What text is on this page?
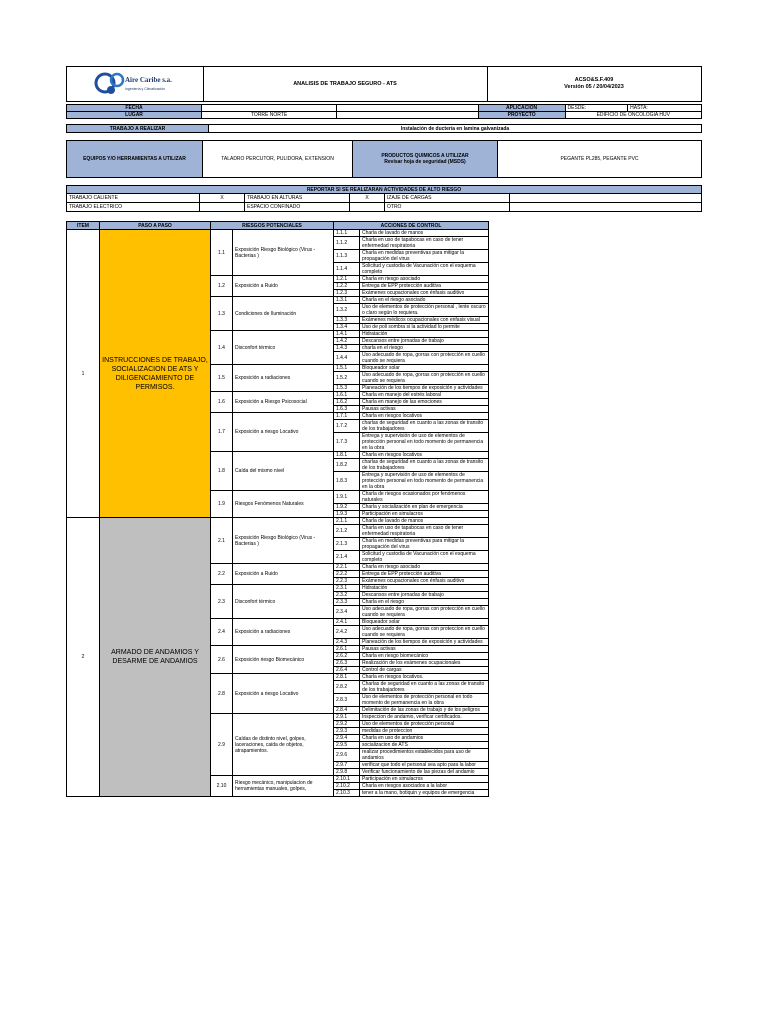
Aire Caribe s.a.
Ingeniería y Climatización
ANALISIS DE TRABAJO SEGURO - ATS
ACSO&S.F.409
Versión 05 / 20/04/2023
FECHA			APLICACIÓN	DESDE:	HASTA:
LUGAR	TORRE NORTE		PROYECTO	EDIFICIO DE ONCOLOGIA HUV	
TRABAJO A REALIZAR	Instalación de ductería en lamina galvanizada
EQUIPOS Y/O HERRAMIENTAS A UTILIZAR	TALADRO PERCUTOR, PULIDORA, EXTENSION	PRODUCTOS QUIMICOS A UTILIZAR
Revisar hoja de seguridad (MSDS)	PEGANTE PL285, PEGANTE PVC
REPORTAR SI SE REALIZARAN ACTIVIDADES DE ALTO RIESGO					
TRABAJO CALIENTE	X	TRABAJO EN ALTURAS	X	IZAJE DE CARGAS	
TRABAJO ELECTRICO		ESPACIO CONFINADO		OTRO	
ITEM	PASO A PASO	RIESGOS POTENCIALES		ACCIONES DE CONTROL	
1	INSTRUCCIONES DE TRABAJO, SOCIALIZACION DE ATS Y DILIGENCIAMIENTO DE PERMISOS.	1.1	Exposición Riesgo Biológico (Virus - Bacterias )	1.1.1	Charla de lavado de manos
				1.1.2	Charla en uso de tapabocas en caso de tener enfermedad respiratoria
				1.1.3	Charla en medidas preventivas para mitigar la propagación del virus
				1.1.4	Solicitud y custodia de Vacunación con el esquema completo
		1.2	Exposición a Ruido	1.2.1	Charla en riesgo asociado
				1.2.2	Entrega de EPP protección auditiva
				1.2.3	Exámenes ocupacionales con énfasis auditivo
		1.3	Condiciones de Iluminación	1.3.1	Charla en el riesgo asociado
				1.3.2	Uso de elementos de protección personal , lente oscuro o claro según lo requiera.
				1.3.3	Exámenes médicos ocupacionales con enfasis visual
				1.3.4	Uso de poli sombra si la actividad lo permite
		1.4	Disconfort térmico	1.4.1	Hidratación
				1.4.2	Descansos entre jornadas de trabajo
				1.4.3	charla en el riesgo
				1.4.4	Uso adecuado de ropa, gorras con protección en cuello cuando se requiera
		1.5	Exposición a radiaciones	1.5.1	Bloqueador solar
				1.5.2	Uso adecuado de ropa, gorras con protección en cuello cuando se requiera
				1.5.3	Planeación de los tiempos de exposición y actividades
		1.6	Exposición a Riesgo Psicosocial	1.6.1	Charla en manejo del estrés laboral
				1.6.2	Charla en manejo de las emociones
				1.6.3	Pausas activas
		1.7	Exposición a riesgo Locativo	1.7.1	Charla en riesgos locativos
				1.7.2	charlas de seguridad en cuanto a las zonas de transito de los trabajadores
				1.7.3	Entrega y supervisión de uso de elementos de protección personal en todo momento de permanencia en la obra
		1.8	Caída del mismo nivel	1.8.1	Charla en riesgos locativos
				1.8.2	charlas de seguridad en cuanto a las zonas de transito de los trabajadores
				1.8.3	Entrega y supervisión de uso de elementos de protección personal en todo momento de permanencia en la obra
		1.9	Riesgos Fenómenos Naturales	1.9.1	Charla de riesgos ocasionados por fenómenos naturales
				1.9.2	Charla y socialización en plan de emergencia
				1.9.3	Participación en simulacros
2	ARMADO DE ANDAMIOS Y DESARME DE ANDAMIOS	2.1	Exposición Riesgo Biológico (Virus - Bacterias )	2.1.1	Charla de lavado de manos
				2.1.2	Charla en uso de tapabocas en caso de tener enfermedad respiratoria
				2.1.3	Charla en medidas preventivas para mitigar la propagación del virus
				2.1.4	Solicitud y custodia de Vacunación con el esquema completo
		2.2	Exposición a Ruido	2.2.1	Charla en riesgo asociado
				2.2.2	Entrega de EPP protección auditiva
				2.2.3	Exámenes ocupacionales con énfasis auditivo
		2.3	Disconfort térmico	2.3.1	Hidratación
				2.3.2	Descansos entre jornadas de trabajo
				2.3.3	Charla en el riesgo
				2.3.4	Uso adecuado de ropa, gorras con protección en cuello cuando se requiera
		2.4	Exposición a radiaciones	2.4.1	Bloqueador solar
				2.4.2	Uso adecuado de ropa, gorras con proteccion en cuello cuando se requiera
				2.4.3	Planeación de los tiempos de exposición y actividades
		2.6	Exposición riesgo Biomecánico	2.6.1	Pausas activas
				2.6.2	Charla en riesgo biomecánico
				2.6.3	Realización de los exámenes ocupacionales
				2.6.4	Control de cargas
		2.8	Exposición a riesgo Locativo	2.8.1	Charla en riesgos locativos.
				2.8.2	Charlas de seguridad en cuanto a las zonas de transito de los trabajadores
				2.8.3	Uso de elementos de protección personal en todo momento de permanencia en la obra
				2.8.4	Delimitación de las zonas de trabajo y de los peligros
		2.9	Caídas de distinto nivel, golpes, laceraciones, caida de objetos, atrapamientos.	2.9.1	Inspeccion de andamio, verificar certificados.
				2.9.2	Uso de elementos de protección personal
				2.9.3	medidas de proteccion
				2.9.4	Charla en uso de andamios
				2.9.5	socializacion de ATS
				2.9.6	realizar procedimientos establecidos para uso de andamios
				2.9.7	verificar que todo el personal sea apto para la labor
				2.9.8	Verificar funcionamiento de las piezas del andamio
		2.10	Riesgo mecánico, manipulacion de herramientas manuales, golpes,	2.10.1	Participación en simulacros
				2.10.2	Charla en riesgos asociados a la labor
				2.10.3	tener a la mano, botiquin y equipos de emergencia
